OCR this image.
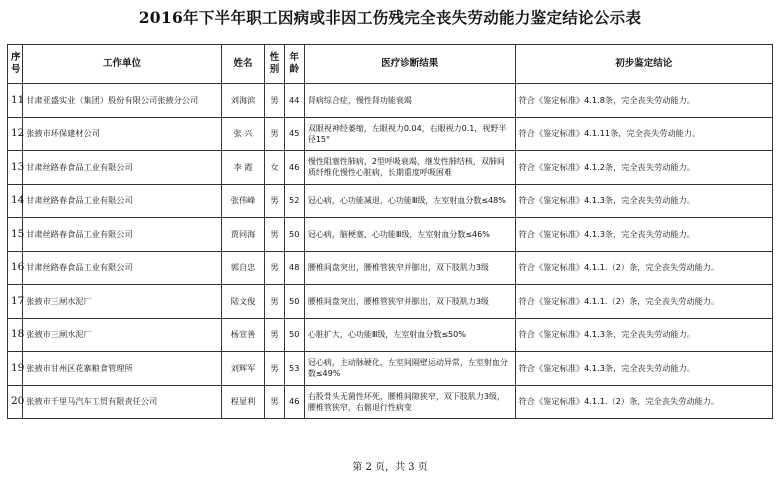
2016年下半年职工因病或非因工伤残完全丧失劳动能力鉴定结论公示表
序号	工作单位	姓名	性别	年龄	医疗诊断结果	初步鉴定结论
11	甘肃亚盛实业（集团）股份有限公司张掖分公司	刘海滨	男	44	肾病综合症，慢性肾功能衰竭	符合《鉴定标准》4.1.8条，完全丧失劳动能力。
12	张掖市环保建材公司	张 兴	男	45	双眼视神经萎缩，左眼视力0.04，右眼视力0.1，视野半径15°	符合《鉴定标准》4.1.11条，完全丧失劳动能力。
13	甘肃丝路春食品工业有限公司	李 霞	女	46	慢性阻塞性肺病，2型呼吸衰竭，继发性肺结核，双肺间质纤维化慢性心脏病，长期重度呼吸困难	符合《鉴定标准》4.1.2条，完全丧失劳动能力。
14	甘肃丝路春食品工业有限公司	张伟峰	男	52	冠心病，心功能减退，心功能Ⅲ级，左室射血分数≤48%	符合《鉴定标准》4.1.3条，完全丧失劳动能力。
15	甘肃丝路春食品工业有限公司	贾同海	男	50	冠心病，脑梗塞，心功能Ⅲ级，左室射血分数≤46%	符合《鉴定标准》4.1.3条，完全丧失劳动能力。
16	甘肃丝路春食品工业有限公司	郭自忠	男	48	腰椎间盘突出，腰椎管狭窄并膨出，双下肢肌力3级	符合《鉴定标准》4.1.1.（2）条，完全丧失劳动能力。
17	张掖市三闸水泥厂	陆文俊	男	50	腰椎间盘突出，腰椎管狭窄并膨出，双下肢肌力3级	符合《鉴定标准》4.1.1.（2）条，完全丧失劳动能力。
18	张掖市三闸水泥厂	杨宣善	男	50	心脏扩大，心功能Ⅲ级，左室射血分数≤50%	符合《鉴定标准》4.1.3条，完全丧失劳动能力。
19	张掖市甘州区花寨粮食管理所	刘辉军	男	53	冠心病，主动脉硬化，左室间隔壁运动异常，左室射血分数≤49%	符合《鉴定标准》4.1.3条，完全丧失劳动能力。
20	张掖市千里马汽车工贸有限责任公司	程显利	男	46	右股骨头无菌性坏死，腰椎间隙狭窄，双下肢肌力3级，腰椎管狭窄，右髂退行性病变	符合《鉴定标准》4.1.1.（2）条，完全丧失劳动能力。
第 2 页，共 3 页
